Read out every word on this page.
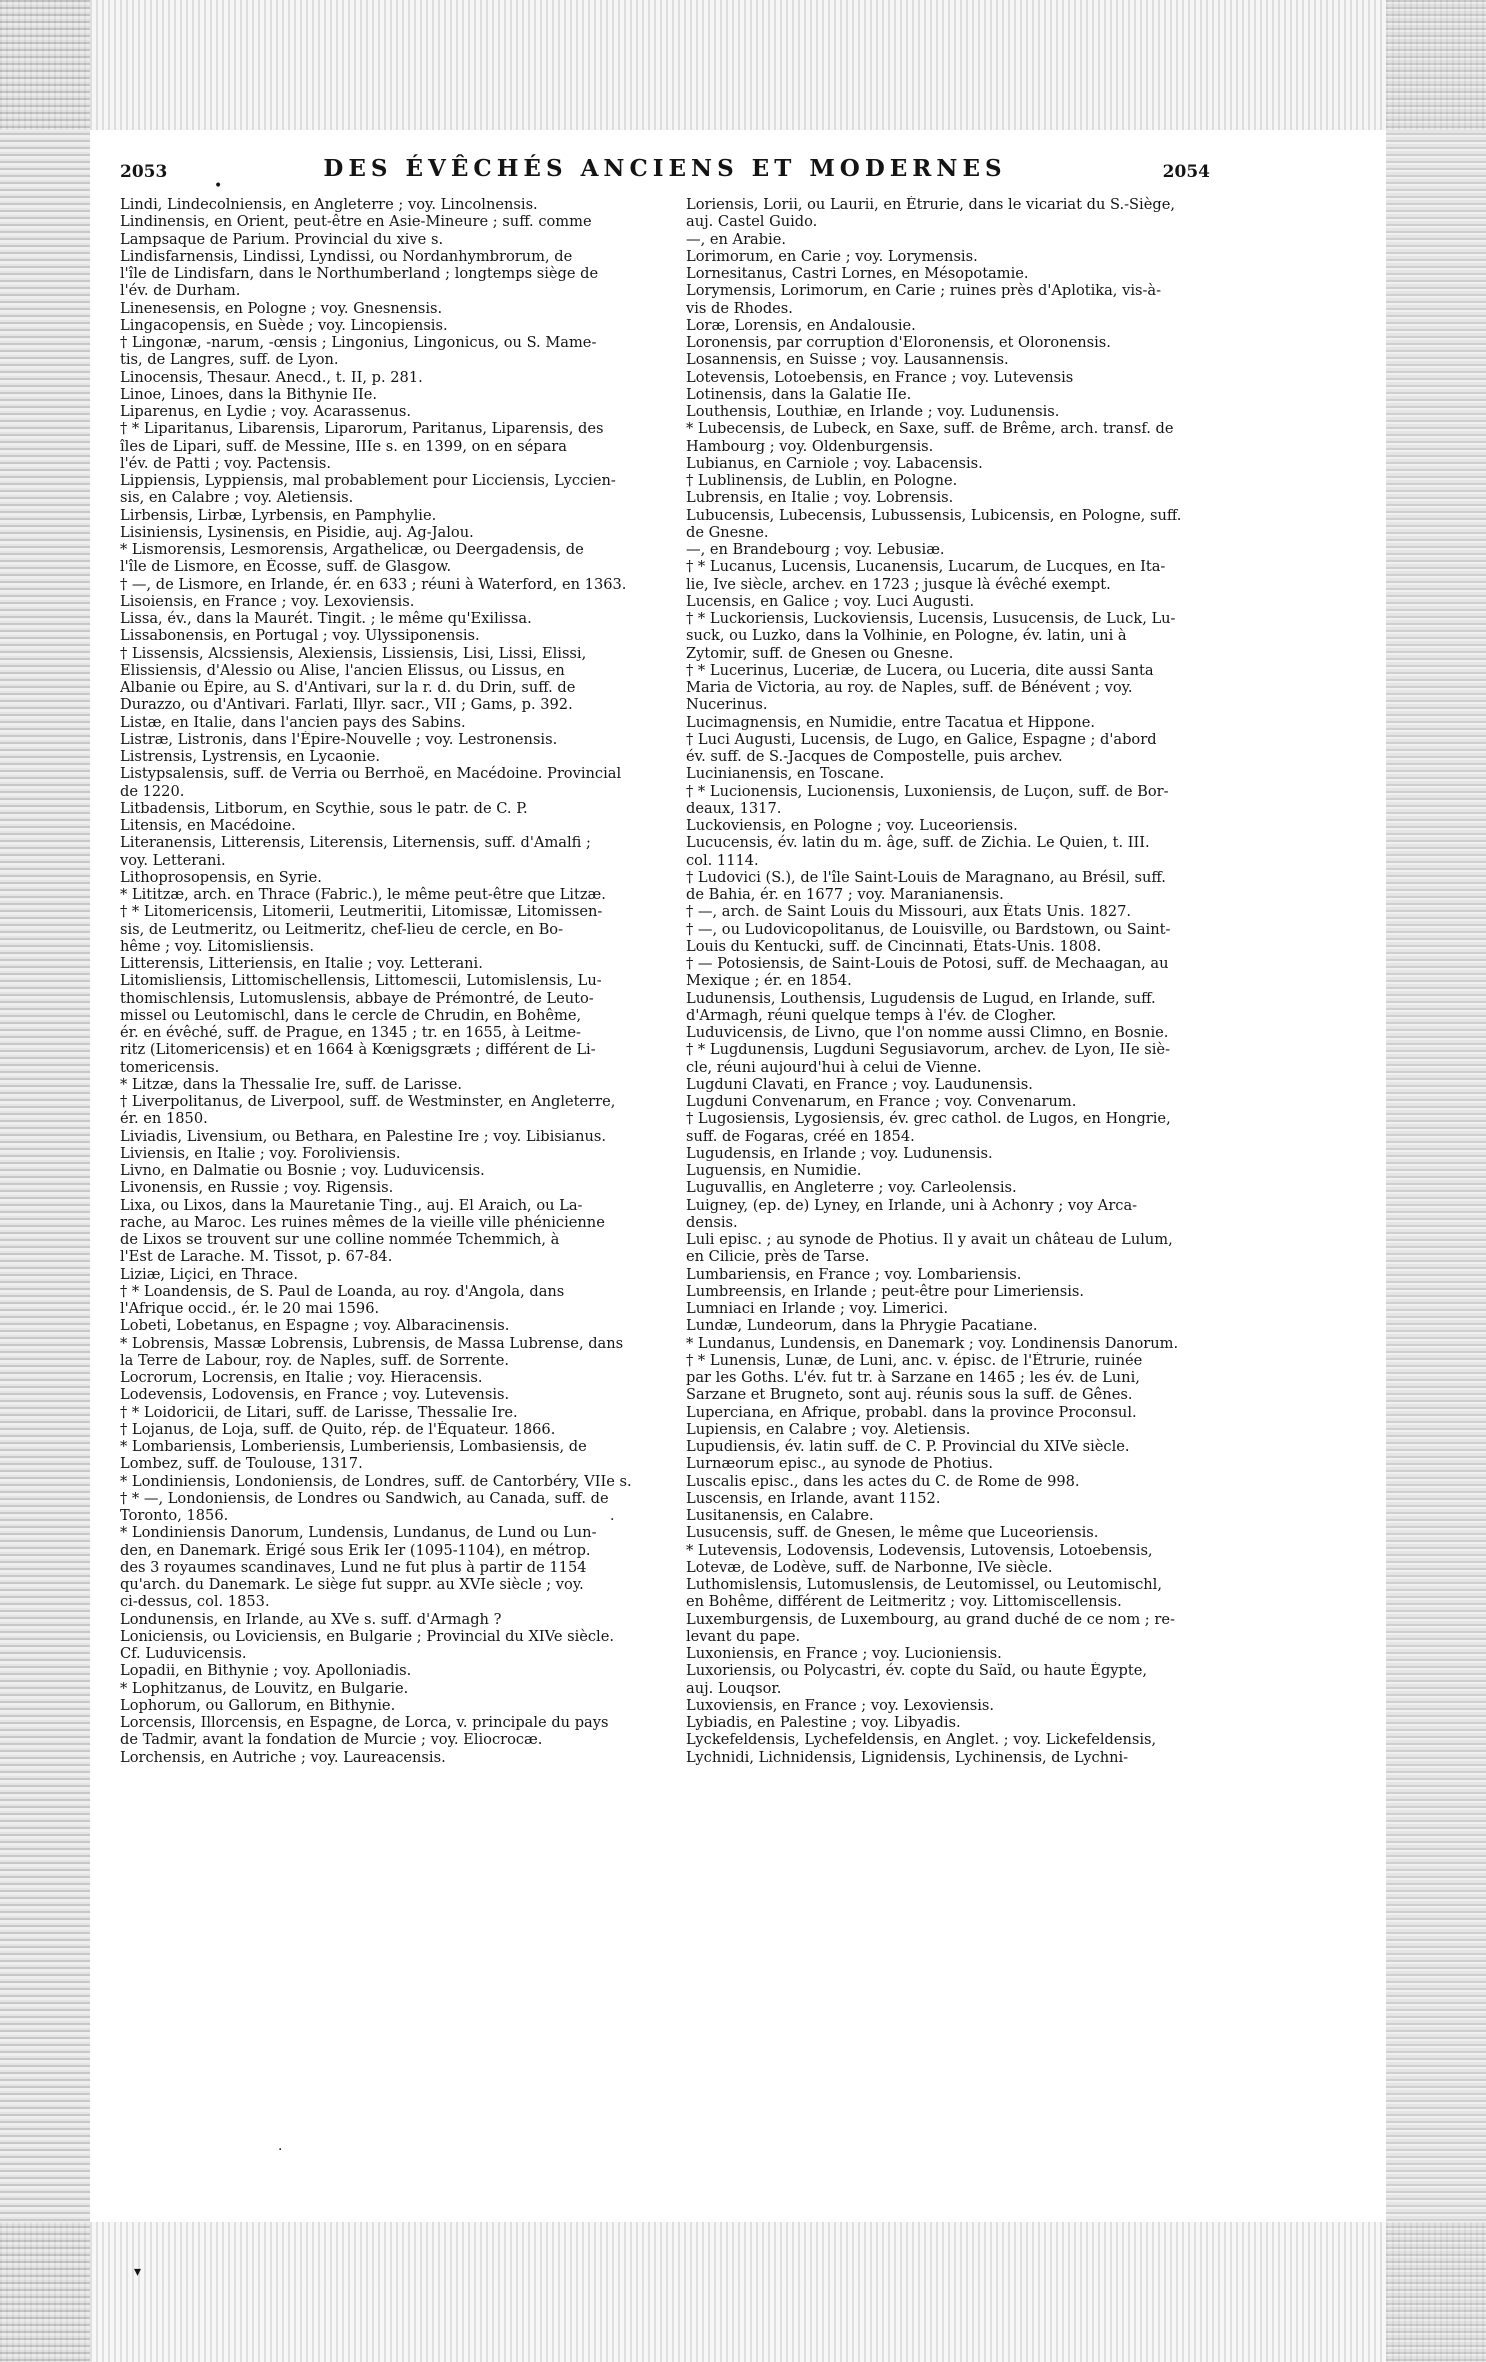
2053	DES ÉVÊCHÉS ANCIENS ET MODERNES	2054
•

Lindi, Lindecolniensis, en Angleterre ; voy. Lincolnensis.

Lindinensis, en Orient, peut-être en Asie-Mineure ; suff. comme

Lampsaque de Parium. Provincial du xive s.

Lindisfarnensis, Lindissi, Lyndissi, ou Nordanhymbrorum, de

l'île de Lindisfarn, dans le Northumberland ; longtemps siège de

l'év. de Durham.

Linenesensis, en Pologne ; voy. Gnesnensis.

Lingacopensis, en Suède ; voy. Lincopiensis.

† Lingonæ, -narum, -œnsis ; Lingonius, Lingonicus, ou S. Mame-

tis, de Langres, suff. de Lyon.

Linocensis, Thesaur. Anecd., t. II, p. 281.

Linoe, Linoes, dans la Bithynie IIe.

Liparenus, en Lydie ; voy. Acarassenus.

† * Liparitanus, Libarensis, Liparorum, Paritanus, Liparensis, des

îles de Lipari, suff. de Messine, IIIe s. en 1399, on en sépara

l'év. de Patti ; voy. Pactensis.

Lippiensis, Lyppiensis, mal probablement pour Licciensis, Lyccien-

sis, en Calabre ; voy. Aletiensis.

Lirbensis, Lirbæ, Lyrbensis, en Pamphylie.

Lisiniensis, Lysinensis, en Pisidie, auj. Ag-Jalou.

* Lismorensis, Lesmorensis, Argathelicæ, ou Deergadensis, de

l'île de Lismore, en Écosse, suff. de Glasgow.

† —, de Lismore, en Irlande, ér. en 633 ; réuni à Waterford, en 1363.

Lisoiensis, en France ; voy. Lexoviensis.

Lissa, év., dans la Maurét. Tingit. ; le même qu'Exilissa.

Lissabonensis, en Portugal ; voy. Ulyssiponensis.

† Lissensis, Alcssiensis, Alexiensis, Lissiensis, Lisi, Lissi, Elissi,

Elissiensis, d'Alessio ou Alise, l'ancien Elissus, ou Lissus, en

Albanie ou Épire, au S. d'Antivari, sur la r. d. du Drin, suff. de

Durazzo, ou d'Antivari. Farlati, Illyr. sacr., VII ; Gams, p. 392.

Listæ, en Italie, dans l'ancien pays des Sabins.

Listræ, Listronis, dans l'Épire-Nouvelle ; voy. Lestronensis.

Listrensis, Lystrensis, en Lycaonie.

Listypsalensis, suff. de Verria ou Berrhoë, en Macédoine. Provincial

de 1220.

Litbadensis, Litborum, en Scythie, sous le patr. de C. P.

Litensis, en Macédoine.

Literanensis, Litterensis, Literensis, Liternensis, suff. d'Amalfi ;

voy. Letterani.

Lithoprosopensis, en Syrie.

* Lititzæ, arch. en Thrace (Fabric.), le même peut-être que Litzæ.

† * Litomericensis, Litomerii, Leutmeritii, Litomissæ, Litomissen-

sis, de Leutmeritz, ou Leitmeritz, chef-lieu de cercle, en Bo-

hême ; voy. Litomisliensis.

Litterensis, Litteriensis, en Italie ; voy. Letterani.

Litomisliensis, Littomischellensis, Littomescii, Lutomislensis, Lu-

thomischlensis, Lutomuslensis, abbaye de Prémontré, de Leuto-

missel ou Leutomischl, dans le cercle de Chrudin, en Bohême,

ér. en évêché, suff. de Prague, en 1345 ; tr. en 1655, à Leitme-

ritz (Litomericensis) et en 1664 à Kœnigsgræts ; différent de Li-

tomericensis.

* Litzæ, dans la Thessalie Ire, suff. de Larisse.

† Liverpolitanus, de Liverpool, suff. de Westminster, en Angleterre,

ér. en 1850.

Liviadis, Livensium, ou Bethara, en Palestine Ire ; voy. Libisianus.

Liviensis, en Italie ; voy. Foroliviensis.

Livno, en Dalmatie ou Bosnie ; voy. Luduvicensis.

Livonensis, en Russie ; voy. Rigensis.

Lixa, ou Lixos, dans la Mauretanie Ting., auj. El Araich, ou La-

rache, au Maroc. Les ruines mêmes de la vieille ville phénicienne

de Lixos se trouvent sur une colline nommée Tchemmich, à

l'Est de Larache. M. Tissot, p. 67-84.

Liziæ, Liçici, en Thrace.

† * Loandensis, de S. Paul de Loanda, au roy. d'Angola, dans

l'Afrique occid., ér. le 20 mai 1596.

Lobeti, Lobetanus, en Espagne ; voy. Albaracinensis.

* Lobrensis, Massæ Lobrensis, Lubrensis, de Massa Lubrense, dans

la Terre de Labour, roy. de Naples, suff. de Sorrente.

Locrorum, Locrensis, en Italie ; voy. Hieracensis.

Lodevensis, Lodovensis, en France ; voy. Lutevensis.

† * Loidoricii, de Litari, suff. de Larisse, Thessalie Ire.

† Lojanus, de Loja, suff. de Quito, rép. de l'Équateur. 1866.

* Lombariensis, Lomberiensis, Lumberiensis, Lombasiensis, de

Lombez, suff. de Toulouse, 1317.

* Londiniensis, Londoniensis, de Londres, suff. de Cantorbéry, VIIe s.

† * —, Londoniensis, de Londres ou Sandwich, au Canada, suff. de

Toronto, 1856.

* Londiniensis Danorum, Lundensis, Lundanus, de Lund ou Lun-

den, en Danemark. Érigé sous Erik Ier (1095-1104), en métrop.

des 3 royaumes scandinaves, Lund ne fut plus à partir de 1154

qu'arch. du Danemark. Le siège fut suppr. au XVIe siècle ; voy.

ci-dessus, col. 1853.

Londunensis, en Irlande, au XVe s. suff. d'Armagh ?

Loniciensis, ou Loviciensis, en Bulgarie ; Provincial du XIVe siècle.

Cf. Luduvicensis.

Lopadii, en Bithynie ; voy. Apolloniadis.

* Lophitzanus, de Louvitz, en Bulgarie.

Lophorum, ou Gallorum, en Bithynie.

Lorcensis, Illorcensis, en Espagne, de Lorca, v. principale du pays

de Tadmir, avant la fondation de Murcie ; voy. Eliocrocæ.

Lorchensis, en Autriche ; voy. Laureacensis.

Loriensis, Lorii, ou Laurii, en Étrurie, dans le vicariat du S.-Siège,

auj. Castel Guido.

—, en Arabie.

Lorimorum, en Carie ; voy. Lorymensis.

Lornesitanus, Castri Lornes, en Mésopotamie.

Lorymensis, Lorimorum, en Carie ; ruines près d'Aplotika, vis-à-

vis de Rhodes.

Loræ, Lorensis, en Andalousie.

Loronensis, par corruption d'Eloronensis, et Oloronensis.

Losannensis, en Suisse ; voy. Lausannensis.

Lotevensis, Lotoebensis, en France ; voy. Lutevensis

Lotinensis, dans la Galatie IIe.

Louthensis, Louthiæ, en Irlande ; voy. Ludunensis.

* Lubecensis, de Lubeck, en Saxe, suff. de Brême, arch. transf. de

Hambourg ; voy. Oldenburgensis.

Lubianus, en Carniole ; voy. Labacensis.

† Lublinensis, de Lublin, en Pologne.

Lubrensis, en Italie ; voy. Lobrensis.

Lubucensis, Lubecensis, Lubussensis, Lubicensis, en Pologne, suff.

de Gnesne.

—, en Brandebourg ; voy. Lebusiæ.

† * Lucanus, Lucensis, Lucanensis, Lucarum, de Lucques, en Ita-

lie, Ive siècle, archev. en 1723 ; jusque là évêché exempt.

Lucensis, en Galice ; voy. Luci Augusti.

† * Luckoriensis, Luckoviensis, Lucensis, Lusucensis, de Luck, Lu-

suck, ou Luzko, dans la Volhinie, en Pologne, év. latin, uni à

Zytomir, suff. de Gnesen ou Gnesne.

† * Lucerinus, Luceriæ, de Lucera, ou Luceria, dite aussi Santa

Maria de Victoria, au roy. de Naples, suff. de Bénévent ; voy.

Nucerinus.

Lucimagnensis, en Numidie, entre Tacatua et Hippone.

† Luci Augusti, Lucensis, de Lugo, en Galice, Espagne ; d'abord

év. suff. de S.-Jacques de Compostelle, puis archev.

Lucinianensis, en Toscane.

† * Lucionensis, Lucionensis, Luxoniensis, de Luçon, suff. de Bor-

deaux, 1317.

Luckoviensis, en Pologne ; voy. Luceoriensis.

Lucucensis, év. latin du m. âge, suff. de Zichia. Le Quien, t. III.

col. 1114.

† Ludovici (S.), de l'île Saint-Louis de Maragnano, au Brésil, suff.

de Bahia, ér. en 1677 ; voy. Maranianensis.

† —, arch. de Saint Louis du Missouri, aux États Unis. 1827.

† —, ou Ludovicopolitanus, de Louisville, ou Bardstown, ou Saint-

Louis du Kentucki, suff. de Cincinnati, États-Unis. 1808.

† — Potosiensis, de Saint-Louis de Potosi, suff. de Mechaagan, au

Mexique ; ér. en 1854.

Ludunensis, Louthensis, Lugudensis de Lugud, en Irlande, suff.

d'Armagh, réuni quelque temps à l'év. de Clogher.

Luduvicensis, de Livno, que l'on nomme aussi Climno, en Bosnie.

† * Lugdunensis, Lugduni Segusiavorum, archev. de Lyon, IIe siè-

cle, réuni aujourd'hui à celui de Vienne.

Lugduni Clavati, en France ; voy. Laudunensis.

Lugduni Convenarum, en France ; voy. Convenarum.

† Lugosiensis, Lygosiensis, év. grec cathol. de Lugos, en Hongrie,

suff. de Fogaras, créé en 1854.

Lugudensis, en Irlande ; voy. Ludunensis.

Luguensis, en Numidie.

Luguvallis, en Angleterre ; voy. Carleolensis.

Luigney, (ep. de) Lyney, en Irlande, uni à Achonry ; voy Arca-

densis.

Luli episc. ; au synode de Photius. Il y avait un château de Lulum,

en Cilicie, près de Tarse.

Lumbariensis, en France ; voy. Lombariensis.

Lumbreensis, en Irlande ; peut-être pour Limeriensis.

Lumniaci en Irlande ; voy. Limerici.

Lundæ, Lundeorum, dans la Phrygie Pacatiane.

* Lundanus, Lundensis, en Danemark ; voy. Londinensis Danorum.

† * Lunensis, Lunæ, de Luni, anc. v. épisc. de l'Étrurie, ruinée

par les Goths. L'év. fut tr. à Sarzane en 1465 ; les év. de Luni,

Sarzane et Brugneto, sont auj. réunis sous la suff. de Gênes.

Luperciana, en Afrique, probabl. dans la province Proconsul.

Lupiensis, en Calabre ; voy. Aletiensis.

Lupudiensis, év. latin suff. de C. P. Provincial du XIVe siècle.

Lurnæorum episc., au synode de Photius.

Luscalis episc., dans les actes du C. de Rome de 998.

Luscensis, en Irlande, avant 1152.

Lusitanensis, en Calabre.

Lusucensis, suff. de Gnesen, le même que Luceoriensis.

* Lutevensis, Lodovensis, Lodevensis, Lutovensis, Lotoebensis,

Lotevæ, de Lodève, suff. de Narbonne, IVe siècle.

Luthomislensis, Lutomuslensis, de Leutomissel, ou Leutomischl,

en Bohême, différent de Leitmeritz ; voy. Littomiscellensis.

Luxemburgensis, de Luxembourg, au grand duché de ce nom ; re-

levant du pape.

Luxoniensis, en France ; voy. Lucioniensis.

Luxoriensis, ou Polycastri, év. copte du Saïd, ou haute Égypte,

auj. Louqsor.

Luxoviensis, en France ; voy. Lexoviensis.

Lybiadis, en Palestine ; voy. Libyadis.

Lyckefeldensis, Lychefeldensis, en Anglet. ; voy. Lickefeldensis,

Lychnidi, Lichnidensis, Lignidensis, Lychinensis, de Lychni-

·
·
▾
